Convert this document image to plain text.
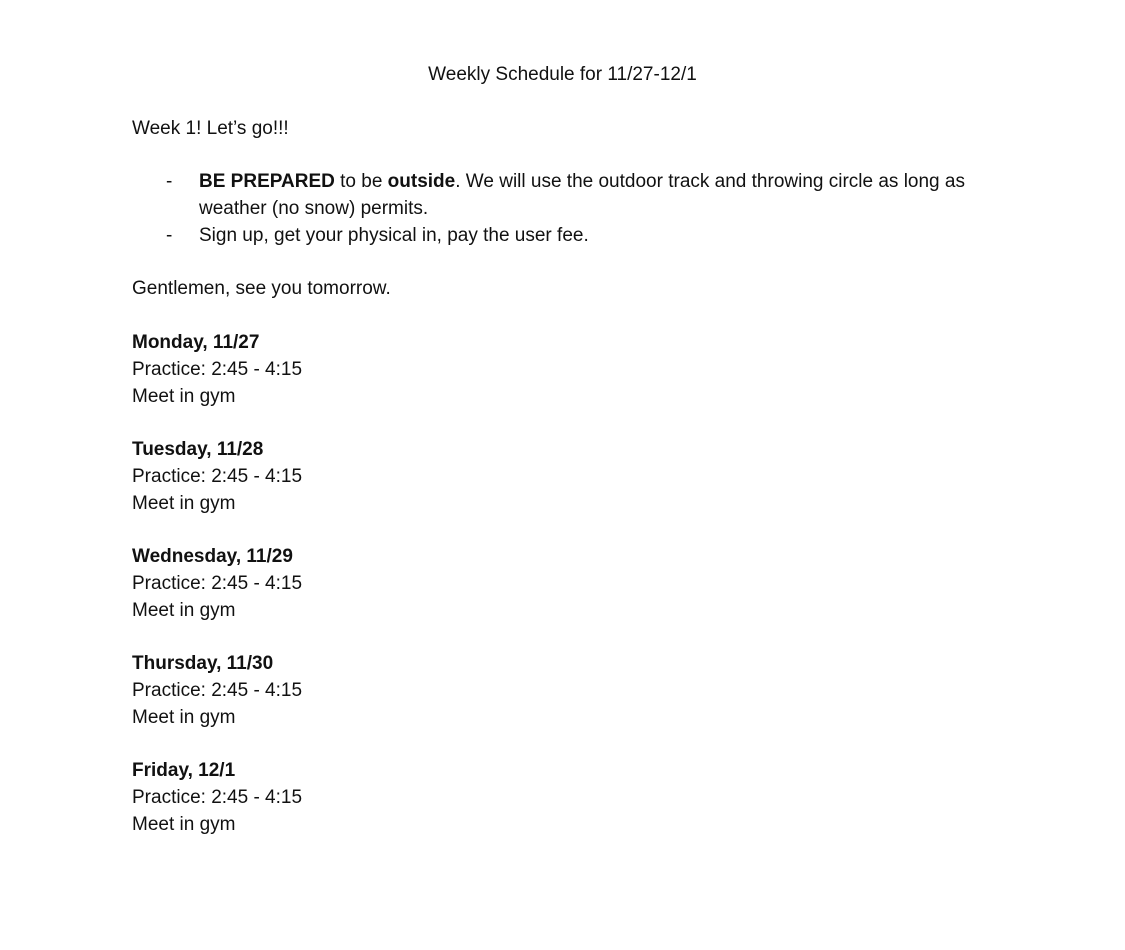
Weekly Schedule for 11/27-12/1
Week 1! Let’s go!!!
- BE PREPARED to be outside. We will use the outdoor track and throwing circle as long as weather (no snow) permits.
- Sign up, get your physical in, pay the user fee.
Gentlemen, see you tomorrow.
Monday, 11/27
Practice: 2:45 - 4:15
Meet in gym
Tuesday, 11/28
Practice: 2:45 - 4:15
Meet in gym
Wednesday, 11/29
Practice: 2:45 - 4:15
Meet in gym
Thursday, 11/30
Practice: 2:45 - 4:15
Meet in gym
Friday, 12/1
Practice: 2:45 - 4:15
Meet in gym
